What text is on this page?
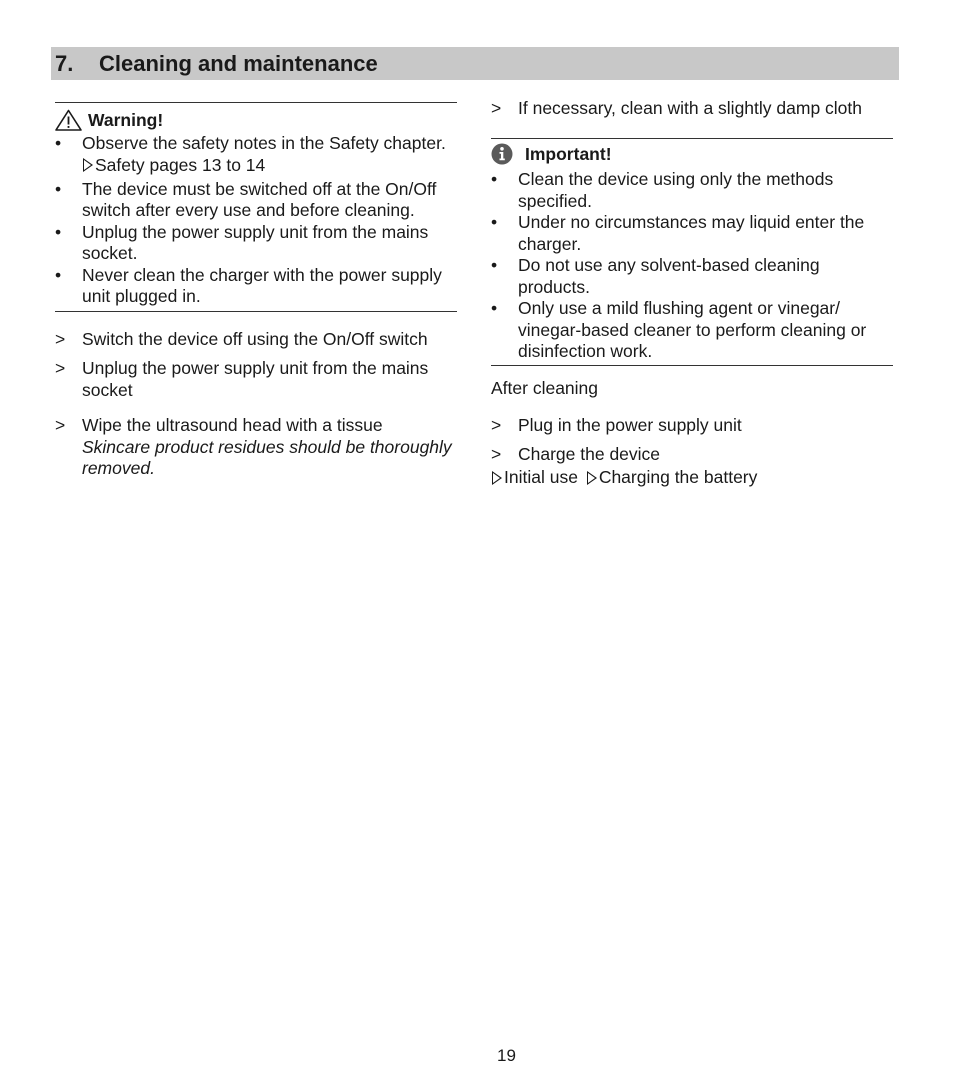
7. Cleaning and maintenance
Warning!
• Observe the safety notes in the Safety chapter.

Safety pages 13 to 14
• The device must be switched off at the On/Off switch after every use and before cleaning.
• Unplug the power supply unit from the mains socket.
• Never clean the charger with the power supply unit plugged in.
> Switch the device off using the On/Off switch
> Unplug the power supply unit from the mains socket
> Wipe the ultrasound head with a tissue
Skincare product residues should be thoroughly removed.
> If necessary, clean with a slightly damp cloth
Important!
• Clean the device using only the methods specified.
• Under no circumstances may liquid enter the charger.
• Do not use any solvent-based cleaning products.
• Only use a mild flushing agent or vinegar/ vinegar-based cleaner to perform cleaning or disinfection work.
After cleaning
> Plug in the power supply unit
> Charge the device
Initial use
Charging the battery
19
